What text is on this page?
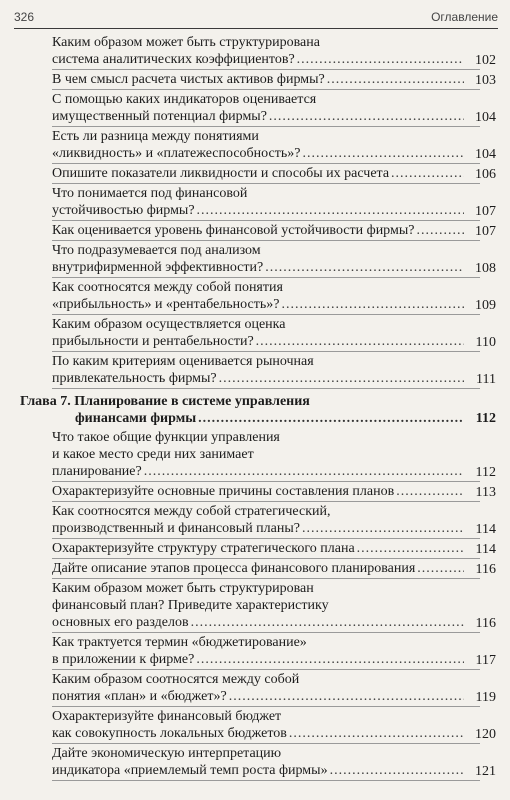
326	Оглавление
Каким образом может быть структурирована
система аналитических коэффициентов? .....	102
В чем смысл расчета чистых активов фирмы? .....	103
С помощью каких индикаторов оценивается
имущественный потенциал фирмы? .....	104
Есть ли разница между понятиями
«ликвидность» и «платежеспособность»? .....	104
Опишите показатели ликвидности и способы их расчета .....	106
Что понимается под финансовой
устойчивостью фирмы? .....	107
Как оценивается уровень финансовой устойчивости фирмы? .....	107
Что подразумевается под анализом
внутрифирменной эффективности? .....	108
Как соотносятся между собой понятия
«прибыльность» и «рентабельность»? .....	109
Каким образом осуществляется оценка
прибыльности и рентабельности? .....	110
По каким критериям оценивается рыночная
привлекательность фирмы? .....	111
Глава 7. Планирование в системе управления
финансами фирмы .....	112
Что такое общие функции управления
и какое место среди них занимает
планирование? .....	112
Охарактеризуйте основные причины составления планов .....	113
Как соотносятся между собой стратегический,
производственный и финансовый планы? .....	114
Охарактеризуйте структуру стратегического плана .....	114
Дайте описание этапов процесса финансового планирования .....	116
Каким образом может быть структурирован
финансовый план? Приведите характеристику
основных его разделов .....	116
Как трактуется термин «бюджетирование»
в приложении к фирме? .....	117
Каким образом соотносятся между собой
понятия «план» и «бюджет»? .....	119
Охарактеризуйте финансовый бюджет
как совокупность локальных бюджетов .....	120
Дайте экономическую интерпретацию
индикатора «приемлемый темп роста фирмы» .....	121
